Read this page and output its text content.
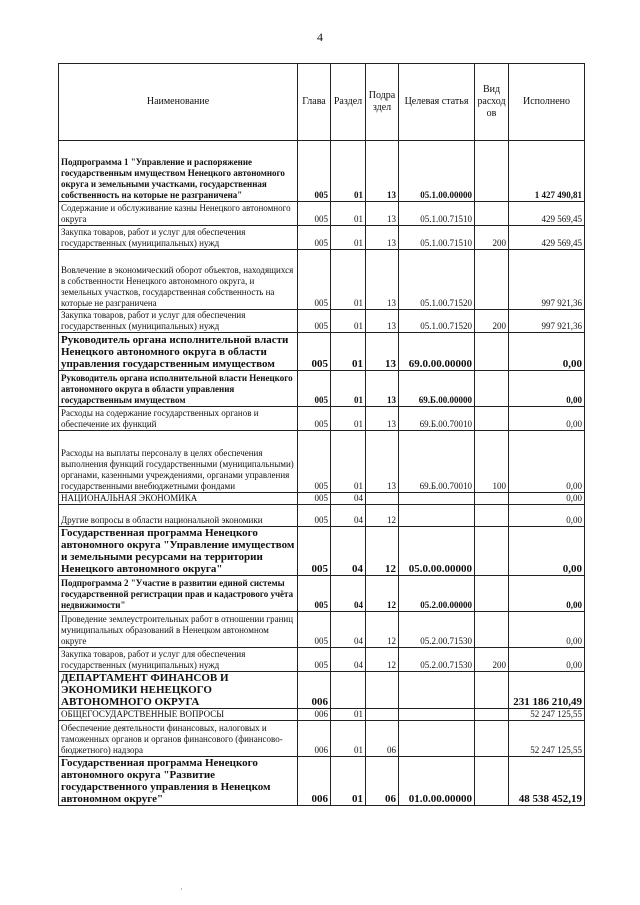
4
Наименование	Глава	Раздел	Подра здел	Целевая статья	Вид расход ов	Исполнено
Подпрограмма 1 "Управление и распоряжение государственным имуществом Ненецкого автономного округа и земельными участками, государственная собственность на которые не разграничена"	005	01	13	05.1.00.00000		1 427 490,81
Содержание и обслуживание казны Ненецкого автономного округа	005	01	13	05.1.00.71510		429 569,45
Закупка товаров, работ и услуг для обеспечения государственных (муниципальных) нужд	005	01	13	05.1.00.71510	200	429 569,45
Вовлечение в экономический оборот объектов, находящихся в собственности Ненецкого автономного округа, и земельных участков, государственная собственность на которые не разграничена	005	01	13	05.1.00.71520		997 921,36
Закупка товаров, работ и услуг для обеспечения государственных (муниципальных) нужд	005	01	13	05.1.00.71520	200	997 921,36
Руководитель органа исполнительной власти Ненецкого автономного округа в области управления государственным имуществом	005	01	13	69.0.00.00000		0,00
Руководитель органа исполнительной власти Ненецкого автономного округа в области управления государственным имуществом	005	01	13	69.Б.00.00000		0,00
Расходы на содержание государственных органов и обеспечение их функций	005	01	13	69.Б.00.70010		0,00
Расходы на выплаты персоналу в целях обеспечения выполнения функций государственными (муниципальными) органами, казенными учреждениями, органами управления государственными внебюджетными фондами	005	01	13	69.Б.00.70010	100	0,00
НАЦИОНАЛЬНАЯ ЭКОНОМИКА	005	04				0,00
Другие вопросы в области национальной экономики	005	04	12			0,00
Государственная программа Ненецкого автономного округа "Управление имуществом и земельными ресурсами на территории Ненецкого автономного округа"	005	04	12	05.0.00.00000		0,00
Подпрограмма 2 "Участие в развитии единой системы государственной регистрации прав и кадастрового учёта недвижимости"	005	04	12	05.2.00.00000		0,00
Проведение землеустроительных работ в отношении границ муниципальных образований в Ненецком автономном округе	005	04	12	05.2.00.71530		0,00
Закупка товаров, работ и услуг для обеспечения государственных (муниципальных) нужд	005	04	12	05.2.00.71530	200	0,00
ДЕПАРТАМЕНТ ФИНАНСОВ И ЭКОНОМИКИ НЕНЕЦКОГО АВТОНОМНОГО ОКРУГА	006					231 186 210,49
ОБЩЕГОСУДАРСТВЕННЫЕ ВОПРОСЫ	006	01				52 247 125,55
Обеспечение деятельности финансовых, налоговых и таможенных органов и органов финансового (финансово-бюджетного) надзора	006	01	06			52 247 125,55
Государственная программа Ненецкого автономного округа "Развитие государственного управления в Ненецком автономном округе"	006	01	06	01.0.00.00000		48 538 452,19
·
